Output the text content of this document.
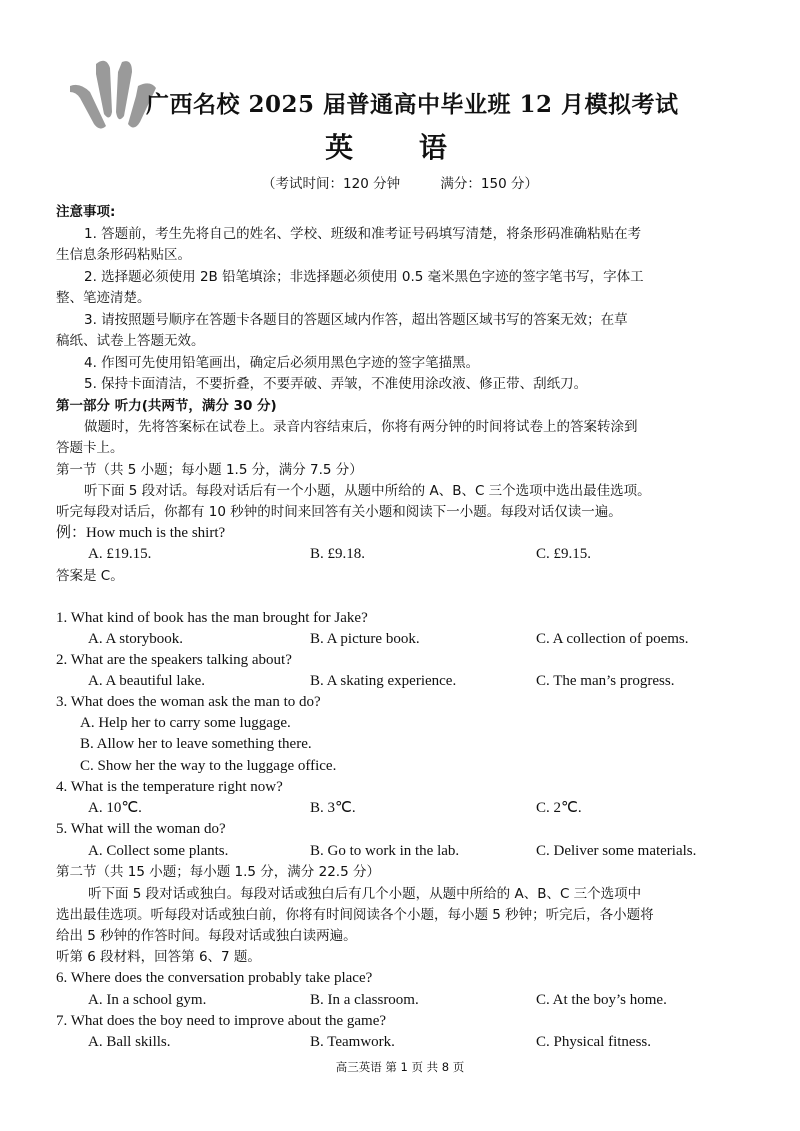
广西名校 2025 届普通高中毕业班 12 月模拟考试
英 语
（考试时间：120 分钟	满分：150 分）
注意事项:
1. 答题前，考生先将自己的姓名、学校、班级和准考证号码填写清楚，将条形码准确粘贴在考
生信息条形码粘贴区。
2. 选择题必须使用 2B 铅笔填涂；非选择题必须使用 0.5 毫米黑色字迹的签字笔书写，字体工
整、笔迹清楚。
3. 请按照题号顺序在答题卡各题目的答题区域内作答，超出答题区域书写的答案无效；在草
稿纸、试卷上答题无效。
4. 作图可先使用铅笔画出，确定后必须用黑色字迹的签字笔描黑。
5. 保持卡面清洁，不要折叠，不要弄破、弄皱，不准使用涂改液、修正带、刮纸刀。
第一部分 听力(共两节，满分 30 分)
做题时，先将答案标在试卷上。录音内容结束后，你将有两分钟的时间将试卷上的答案转涂到
答题卡上。
第一节（共 5 小题；每小题 1.5 分，满分 7.5 分）
听下面 5 段对话。每段对话后有一个小题，从题中所给的 A、B、C 三个选项中选出最佳选项。
听完每段对话后，你都有 10 秒钟的时间来回答有关小题和阅读下一小题。每段对话仅读一遍。
例：How much is the shirt?
A. £19.15.	B. £9.18.	C. £9.15.
答案是 C。
1. What kind of book has the man brought for Jake?
A. A storybook.	B. A picture book.	C. A collection of poems.
2. What are the speakers talking about?
A. A beautiful lake.	B. A skating experience.	C. The man’s progress.
3. What does the woman ask the man to do?
A. Help her to carry some luggage.
B. Allow her to leave something there.
C. Show her the way to the luggage office.
4. What is the temperature right now?
A. 10℃.	B. 3℃.	C. 2℃.
5. What will the woman do?
A. Collect some plants.	B. Go to work in the lab.	C. Deliver some materials.
第二节（共 15 小题；每小题 1.5 分，满分 22.5 分）
听下面 5 段对话或独白。每段对话或独白后有几个小题，从题中所给的 A、B、C 三个选项中
选出最佳选项。听每段对话或独白前，你将有时间阅读各个小题，每小题 5 秒钟；听完后，各小题将
给出 5 秒钟的作答时间。每段对话或独白读两遍。
听第 6 段材料，回答第 6、7 题。
6. Where does the conversation probably take place?
A. In a school gym.	B. In a classroom.	C. At the boy’s home.
7. What does the boy need to improve about the game?
A. Ball skills.	B. Teamwork.	C. Physical fitness.
高三英语 第 1 页 共 8 页
